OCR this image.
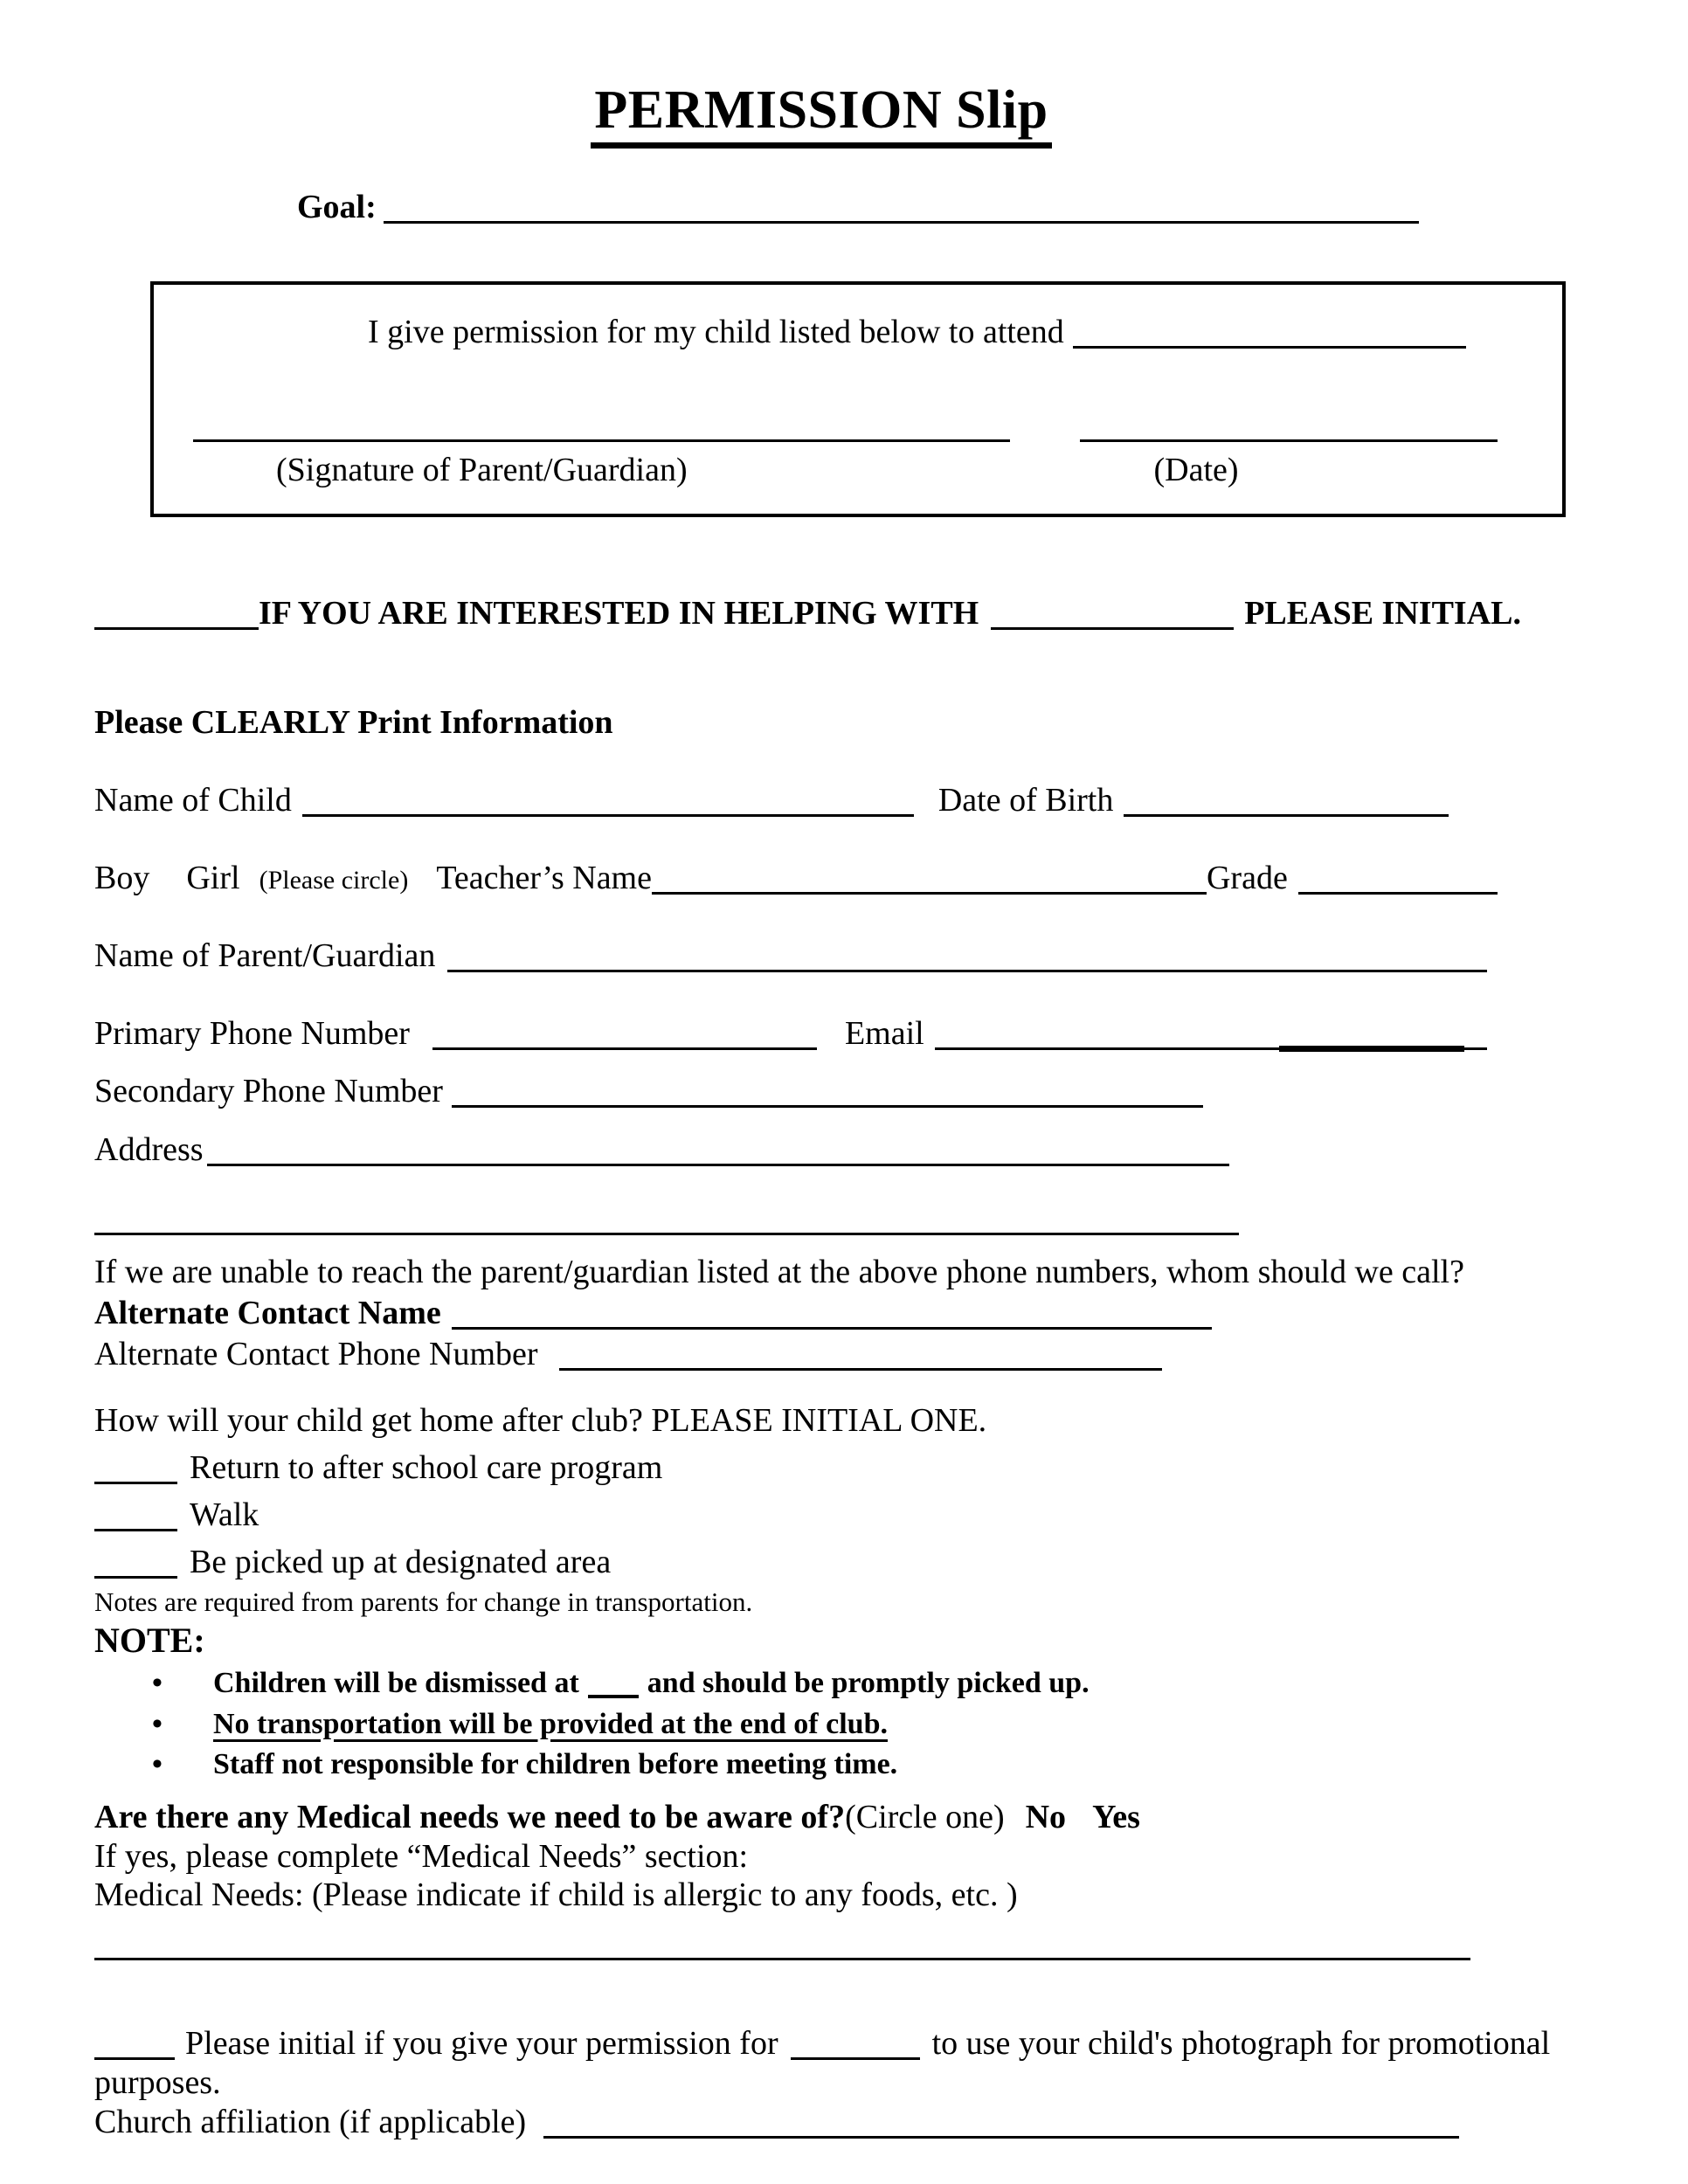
PERMISSION Slip
Goal:
I give permission for my child listed below to attend
(Signature of Parent/Guardian)
	(Date)
IF YOU ARE INTERESTED IN HELPING WITH	PLEASE INITIAL.
Please CLEARLY Print Information
Name of Child	Date of Birth
Boy Girl (Please circle) Teacher’s Name	Grade
Name of Parent/Guardian
Primary Phone Number	Email
Secondary Phone Number
Address
If we are unable to reach the parent/guardian listed at the above phone numbers, whom should we call?
Alternate Contact Name
Alternate Contact Phone Number
How will your child get home after club? PLEASE INITIAL ONE.
Return to after school care program
Walk
Be picked up at designated area
Notes are required from parents for change in transportation.
NOTE:
• Children will be dismissed at and should be promptly picked up.
• No transportation will be provided at the end of club.
• Staff not responsible for children before meeting time.
Are there any Medical needs we need to be aware of?(Circle one) No Yes
If yes, please complete “Medical Needs” section:
Medical Needs: (Please indicate if child is allergic to any foods, etc. )
Please initial if you give your permission for	to use your child's photograph for promotional
purposes.
Church affiliation (if applicable)
